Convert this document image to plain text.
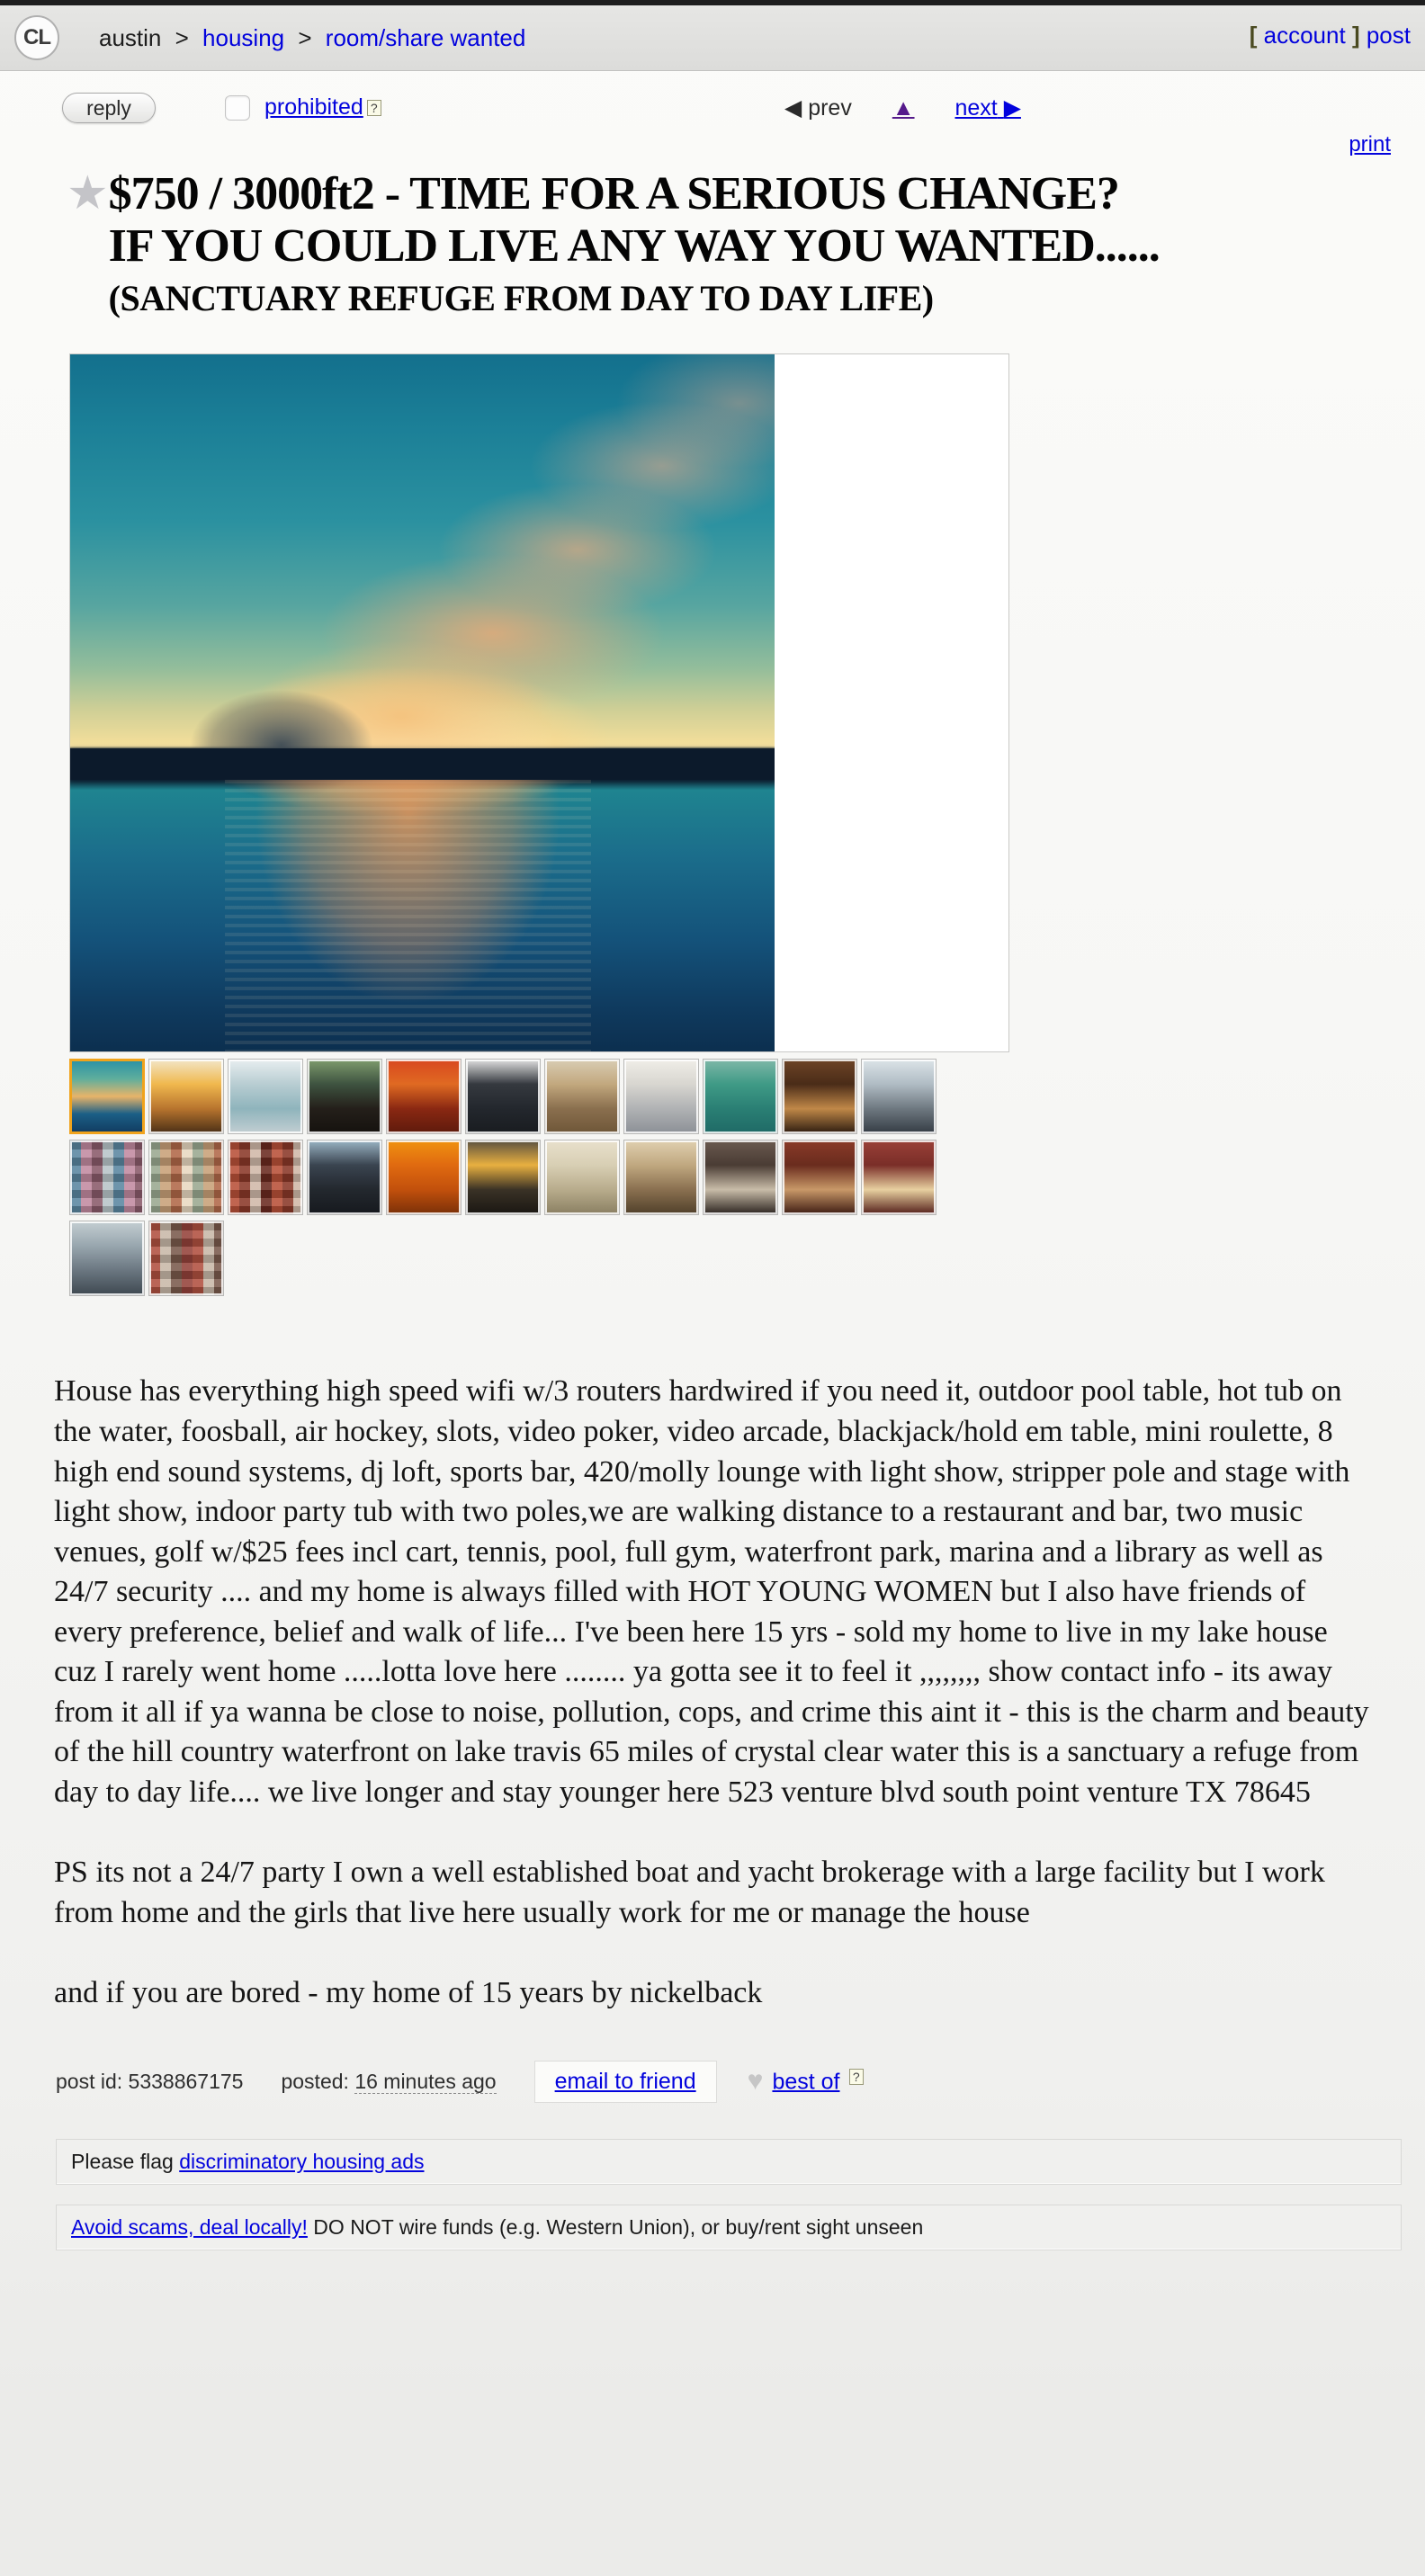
CL	austin > housing > room/share wanted	[ account ] post
reply	prohibited ?	◀ prev ▲ next ▶
print
★ $750 / 3000ft2 - TIME FOR A SERIOUS CHANGE?
IF YOU COULD LIVE ANY WAY YOU WANTED......
(SANCTUARY REFUGE FROM DAY TO DAY LIFE)

House has everything high speed wifi w/3 routers hardwired if you need it, outdoor pool table, hot tub on the water, foosball, air hockey, slots, video poker, video arcade, blackjack/hold em table, mini roulette, 8 high end sound systems, dj loft, sports bar, 420/molly lounge with light show, stripper pole and stage with light show, indoor party tub with two poles,we are walking distance to a restaurant and bar, two music venues, golf w/$25 fees incl cart, tennis, pool, full gym, waterfront park, marina and a library as well as 24/7 security .... and my home is always filled with HOT YOUNG WOMEN but I also have friends of every preference, belief and walk of life... I've been here 15 yrs - sold my home to live in my lake house cuz I rarely went home .....lotta love here ........ ya gotta see it to feel it ,,,,,,,, show contact info - its away from it all if ya wanna be close to noise, pollution, cops, and crime this aint it - this is the charm and beauty of the hill country waterfront on lake travis 65 miles of crystal clear water this is a sanctuary a refuge from day to day life.... we live longer and stay younger here 523 venture blvd south point venture TX 78645

PS its not a 24/7 party I own a well established boat and yacht brokerage with a large facility but I work from home and the girls that live here usually work for me or manage the house

and if you are bored - my home of 15 years by nickelback

post id: 5338867175 posted: 16 minutes ago	email to friend	♥ best of ?
Please flag discriminatory housing ads
Avoid scams, deal locally! DO NOT wire funds (e.g. Western Union), or buy/rent sight unseen
